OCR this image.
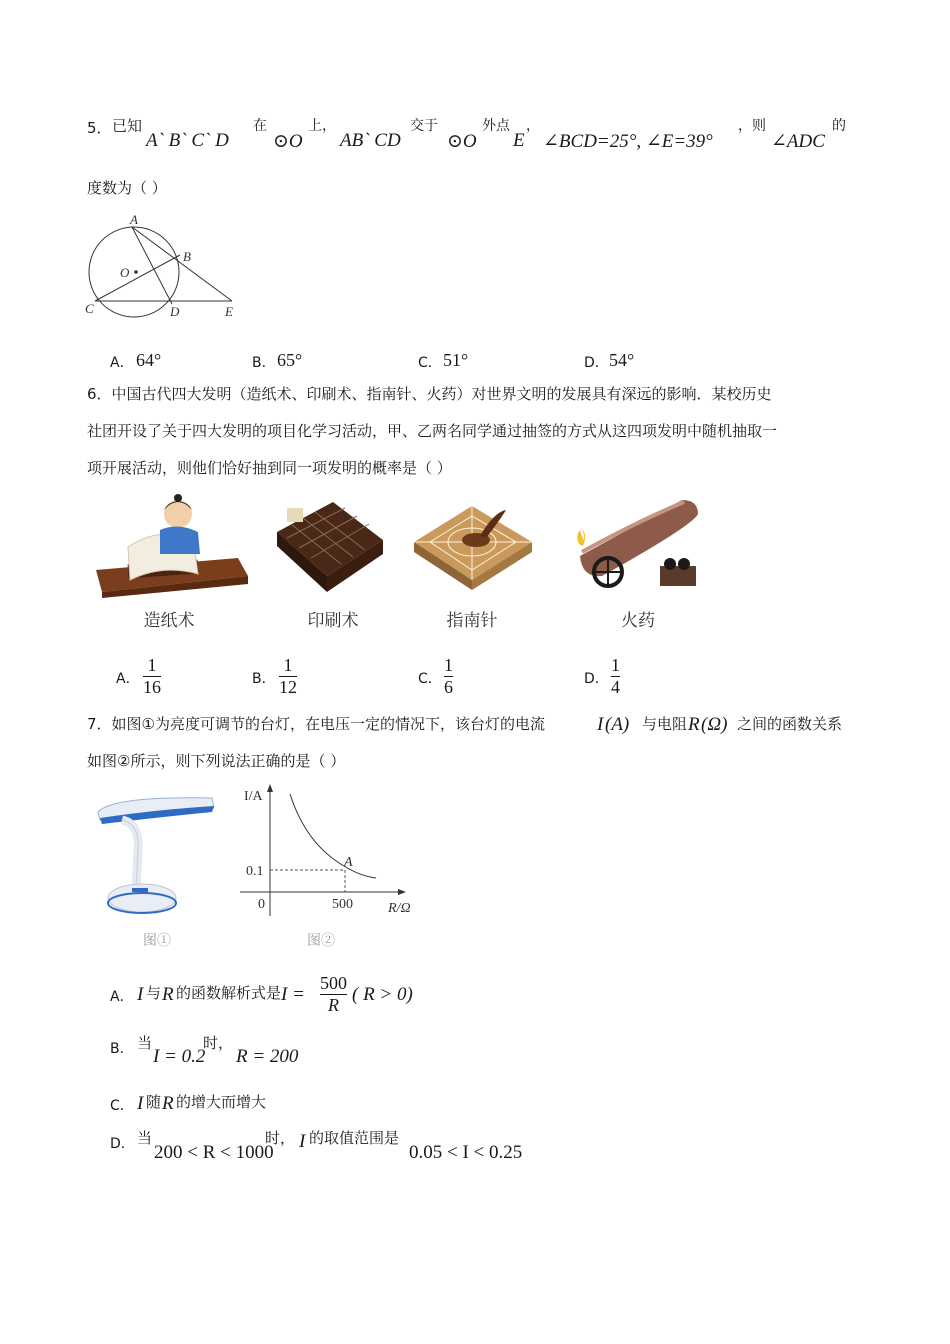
5． 已知
A` B` C` D
在
⊙O
上，
AB` CD
交于
⊙O
外点
E
，
∠BCD=25°, ∠E=39°
，则
∠ADC
的
度数为（ ）
A
B
C	D	E
O
A． 64°	B． 65°	C． 51°	D． 54°
6．中国古代四大发明（造纸术、印刷术、指南针、火药）对世界文明的发展具有深远的影响．某校历史
社团开设了关于四大发明的项目化学习活动，甲、乙两名同学通过抽签的方式从这四项发明中随机抽取一
项开展活动，则他们恰好抽到同一项发明的概率是（ ）
造纸术	印刷术	指南针	火药
A．
1
16	B．
1
12	C．
1
6	D．
1
4
7．如图①为亮度可调节的台灯，在电压一定的情况下，该台灯的电流	I (A) 与电阻 R (Ω) 之间的函数关系
如图②所示，则下列说法正确的是（ ）
图①
I/A
R/Ω
0
0.1
500
A
图②
A． I 与 R 的函数解析式是 I =
500
R ( R > 0)
B． 当
I = 0.2
时，
R = 200
C． I 随 R 的增大而增大
D． 当
200 < R < 1000
时， I 的取值范围是
0.05 < I < 0.25
